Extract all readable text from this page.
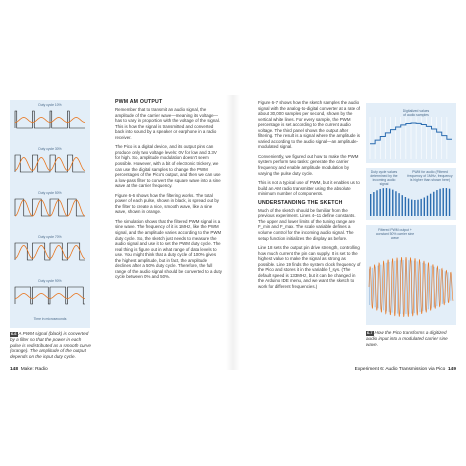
Duty cycle 10%
Duty cycle 30%
Duty cycle 50%
Duty cycle 70%
Duty cycle 90%
Time in microseconds
6-6 A PWM signal (black) is converted by a filter so that the power in each pulse is redistributed as a smooth curve (orange). The amplitude of the output depends on the input duty cycle.
PWM AM OUTPUT

Remember that to transmit an audio signal, the amplitude of the carrier wave—meaning its voltage—has to vary in proportion with the voltage of the signal. This is how the signal is transmitted and converted back into sound by a speaker or earphone in a radio receiver.

The Pico is a digital device, and its output pins can produce only two voltage levels: 0V for low and 3.3V for high. So, amplitude modulation doesn't seem possible. However, with a bit of electronic trickery, we can use the digital samples to change the PWM percentages of the Pico's output, and then we can use a low-pass filter to convert the square wave into a sine wave at the carrier frequency.

Figure 6-6 shows how the filtering works. The total power of each pulse, shown in black, is spread out by the filter to create a nice, smooth wave, like a sine wave, shown in orange.

The simulation shows that the filtered PWM signal is a sine wave. The frequency of it is 1MHz, like the PWM signal, and the amplitude varies according to the PWM duty cycle. So, the sketch just needs to measure the audio signal and use it to set the PWM duty cycle. The real thing is figure out in what range of data levels to use. You might think that a duty cycle of 100% gives the highest amplitude, but in fact, the amplitude declines after a 50% duty cycle. Therefore, the full range of the audio signal should be converted to a duty cycle between 0% and 50%.

Figure 6-7 shows how the sketch samples the audio signal with the analog-to-digital converter at a rate of about 30,000 samples per second, shown by the vertical white lines. For every sample, the PWM percentage is set according to the current audio voltage. The third panel shows the output after filtering. The result is a signal where the amplitude is varied according to the audio signal—an amplitude-modulated signal.

Conveniently, we figured out how to make the PWM system perform two tasks: generate the carrier frequency and enable amplitude modulation by varying the pulse duty cycle.

This is not a typical use of PWM, but it enables us to build an AM radio transmitter using the absolute minimum number of components.

UNDERSTANDING THE SKETCH

Much of the sketch should be familiar from the previous experiment. Lines 4–11 define constants. The upper and lower limits of the tuning range are F_min and F_max. The scale variable defines a volume control for the incoming audio signal. The setup function initializes the display as before.

Line 18 sets the output pin drive strength, controlling how much current the pin can supply. It is set to the highest value to make the signal as strong as possible. Line 19 finds the system clock frequency of the Pico and stores it in the variable f_sys. (The default speed is 133MHz, but it can be changed in the Arduino IDE menu, and we want the sketch to work for different frequencies.)

Digitalized values of audio samples
Duty cycle values determined by the incoming audio signal
PWM for audio (Filtered frequency of 1MHz, frequency is higher than shown here)
Filtered PWM output + constant 50% carrier sine wave
6-7 How the Pico transforms a digitized audio input into a modulated carrier sine wave.
148 Make: Radio	Experiment 6: Audio Transmission via Pico 149
